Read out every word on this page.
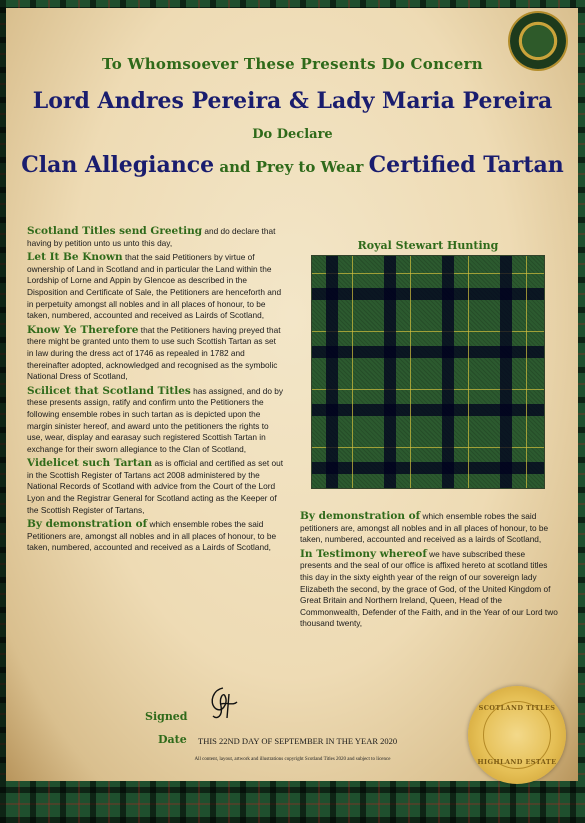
To Whomsoever These Presents Do Concern
Lord Andres Pereira & Lady Maria Pereira
Do Declare
Clan Allegiance and Prey to Wear Certified Tartan

Scotland Titles send Greeting and do declare that having by petition unto us unto this day,

Let It Be Known that the said Petitioners by virtue of ownership of Land in Scotland and in particular the Land within the Lordship of Lorne and Appin by Glencoe as described in the Disposition and Certificate of Sale, the Petitioners are henceforth and in perpetuity amongst all nobles and in all places of honour, to be taken, numbered, accounted and received as Lairds of Scotland,

Know Ye Therefore that the Petitioners having preyed that there might be granted unto them to use such Scottish Tartan as set in law during the dress act of 1746 as repealed in 1782 and thereinafter adopted, acknowledged and recognised as the symbolic National Dress of Scotland,

Scilicet that Scotland Titles has assigned, and do by these presents assign, ratify and confirm unto the Petitioners the following ensemble robes in such tartan as is depicted upon the margin sinister hereof, and award unto the petitioners the rights to use, wear, display and earasay such registered Scottish Tartan in exchange for their sworn allegiance to the Clan of Scotland,

Videlicet such Tartan as is official and certified as set out in the Scottish Register of Tartans act 2008 administered by the National Records of Scotland with advice from the Court of the Lord Lyon and the Registrar General for Scotland acting as the Keeper of the Scottish Register of Tartans,

By demonstration of which ensemble robes the said Petitioners are, amongst all nobles and in all places of honour, to be taken, numbered, accounted and received as a Lairds of Scotland,

Royal Stewart Hunting

By demonstration of which ensemble robes the said petitioners are, amongst all nobles and in all places of honour, to be taken, numbered, accounted and received as a lairds of Scotland,

In Testimony whereof we have subscribed these presents and the seal of our office is affixed hereto at scotland titles this day in the sixty eighth year of the reign of our sovereign lady Elizabeth the second, by the grace of God, of the United Kingdom of Great Britain and Northern Ireland, Queen, Head of the Commonwealth, Defender of the Faith, and in the Year of our Lord two thousand twenty,

Signed
Date THIS 22ND DAY OF SEPTEMBER IN THE YEAR 2020
SCOTLAND TITLES
HIGHLAND ESTATE
All content, layout, artwork and illustrations copyright Scotland Titles 2020 and subject to licence
